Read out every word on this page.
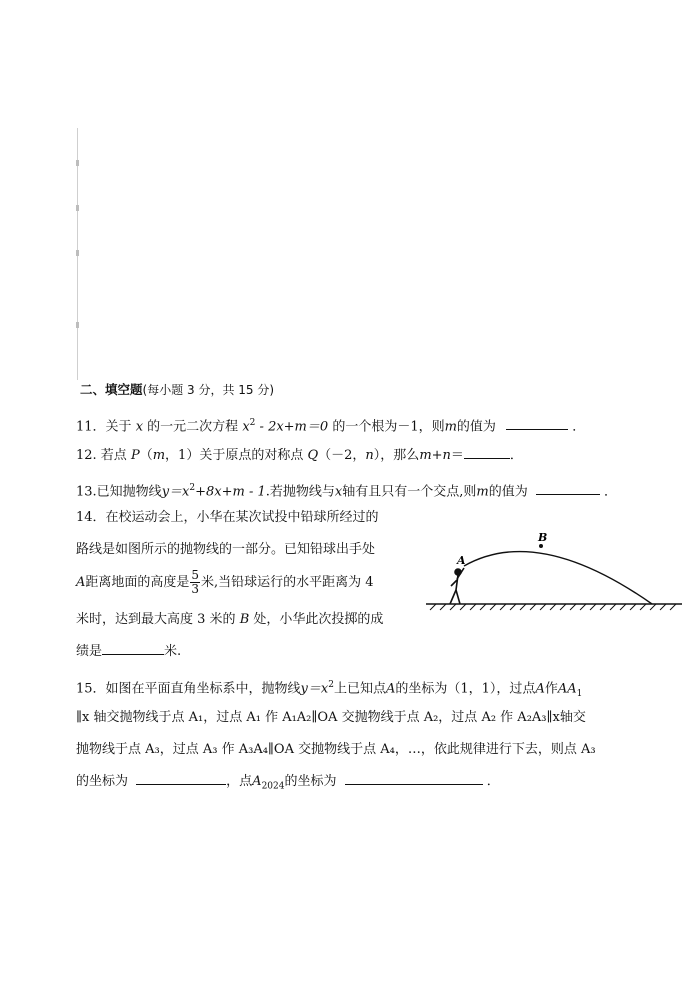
二、填空题(每小题 3 分，共 15 分)
11．关于 x 的一元二次方程 $x^2 - 2x+m=0$ 的一个根为－1，则m的值为	．
12. 若点 P（m，1）关于原点的对称点 Q（－2，n），那么m+n＝	．
13.已知抛物线$y=x^2+8x+m - 1$.若抛物线与x轴有且只有一个交点,则m的值为	．
14．在校运动会上，小华在某次试投中铅球所经过的
路线是如图所示的抛物线的一部分。已知铅球出手处
A距离地面的高度是 $\frac{5}{3}$ 米,当铅球运行的水平距离为 4
米时，达到最大高度 3 米的 B 处，小华此次投掷的成
绩是	米.
B
A
15．如图在平面直角坐标系中，抛物线$y=x^2$上已知点A的坐标为（1，1），过点A作$AA_1$
∥x 轴交抛物线于点 A₁，过点 A₁ 作 A₁A₂∥OA 交抛物线于点 A₂，过点 A₂ 作 A₂A₃∥x轴交
抛物线于点 A₃，过点 A₃ 作 A₃A₄∥OA 交抛物线于点 A₄，…，依此规律进行下去，则点 A₃
的坐标为	，点$A_{2024}$的坐标为	．
